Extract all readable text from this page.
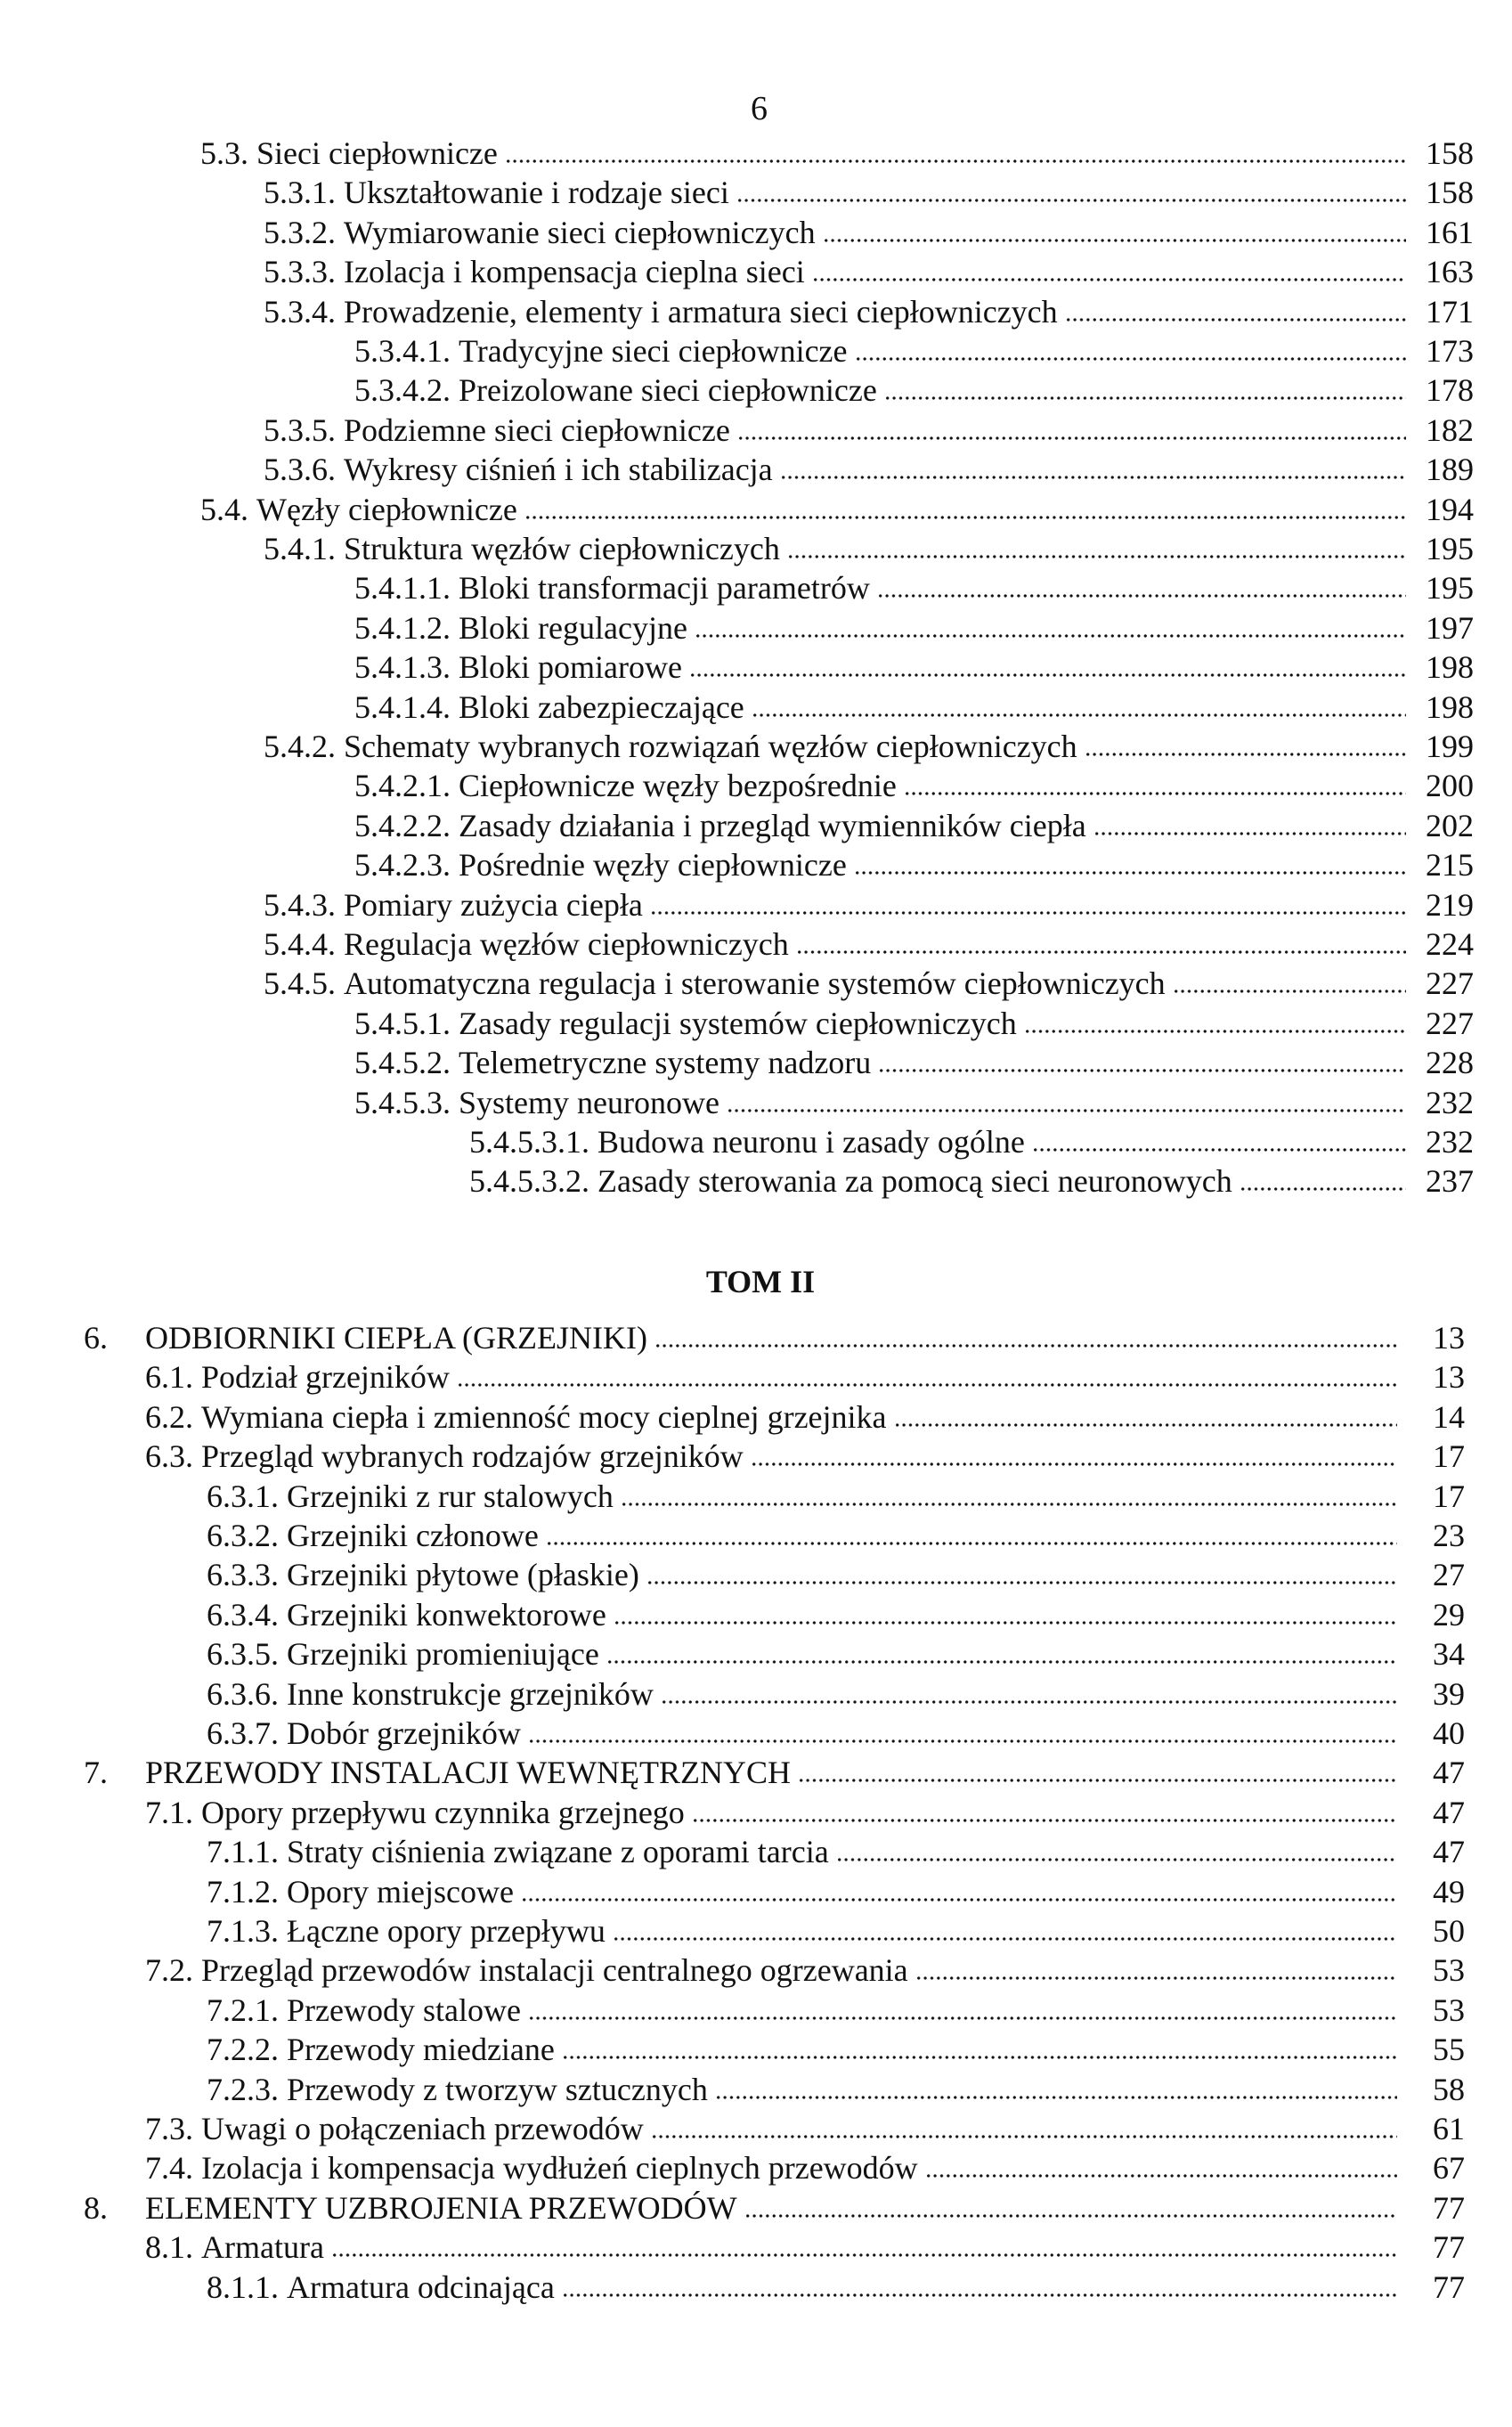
6
5.3. Sieci ciepłownicze	158
5.3.1. Ukształtowanie i rodzaje sieci	158
5.3.2. Wymiarowanie sieci ciepłowniczych	161
5.3.3. Izolacja i kompensacja cieplna sieci	163
5.3.4. Prowadzenie, elementy i armatura sieci ciepłowniczych	171
5.3.4.1. Tradycyjne sieci ciepłownicze	173
5.3.4.2. Preizolowane sieci ciepłownicze	178
5.3.5. Podziemne sieci ciepłownicze	182
5.3.6. Wykresy ciśnień i ich stabilizacja	189
5.4. Węzły ciepłownicze	194
5.4.1. Struktura węzłów ciepłowniczych	195
5.4.1.1. Bloki transformacji parametrów	195
5.4.1.2. Bloki regulacyjne	197
5.4.1.3. Bloki pomiarowe	198
5.4.1.4. Bloki zabezpieczające	198
5.4.2. Schematy wybranych rozwiązań węzłów ciepłowniczych	199
5.4.2.1. Ciepłownicze węzły bezpośrednie	200
5.4.2.2. Zasady działania i przegląd wymienników ciepła	202
5.4.2.3. Pośrednie węzły ciepłownicze	215
5.4.3. Pomiary zużycia ciepła	219
5.4.4. Regulacja węzłów ciepłowniczych	224
5.4.5. Automatyczna regulacja i sterowanie systemów ciepłowniczych	227
5.4.5.1. Zasady regulacji systemów ciepłowniczych	227
5.4.5.2. Telemetryczne systemy nadzoru	228
5.4.5.3. Systemy neuronowe	232
5.4.5.3.1. Budowa neuronu i zasady ogólne	232
5.4.5.3.2. Zasady sterowania za pomocą sieci neuronowych	237
TOM II
6. ODBIORNIKI CIEPŁA (GRZEJNIKI)	13
6.1. Podział grzejników	13
6.2. Wymiana ciepła i zmienność mocy cieplnej grzejnika	14
6.3. Przegląd wybranych rodzajów grzejników	17
6.3.1. Grzejniki z rur stalowych	17
6.3.2. Grzejniki członowe	23
6.3.3. Grzejniki płytowe (płaskie)	27
6.3.4. Grzejniki konwektorowe	29
6.3.5. Grzejniki promieniujące	34
6.3.6. Inne konstrukcje grzejników	39
6.3.7. Dobór grzejników	40
7. PRZEWODY INSTALACJI WEWNĘTRZNYCH	47
7.1. Opory przepływu czynnika grzejnego	47
7.1.1. Straty ciśnienia związane z oporami tarcia	47
7.1.2. Opory miejscowe	49
7.1.3. Łączne opory przepływu	50
7.2. Przegląd przewodów instalacji centralnego ogrzewania	53
7.2.1. Przewody stalowe	53
7.2.2. Przewody miedziane	55
7.2.3. Przewody z tworzyw sztucznych	58
7.3. Uwagi o połączeniach przewodów	61
7.4. Izolacja i kompensacja wydłużeń cieplnych przewodów	67
8. ELEMENTY UZBROJENIA PRZEWODÓW	77
8.1. Armatura	77
8.1.1. Armatura odcinająca	77
